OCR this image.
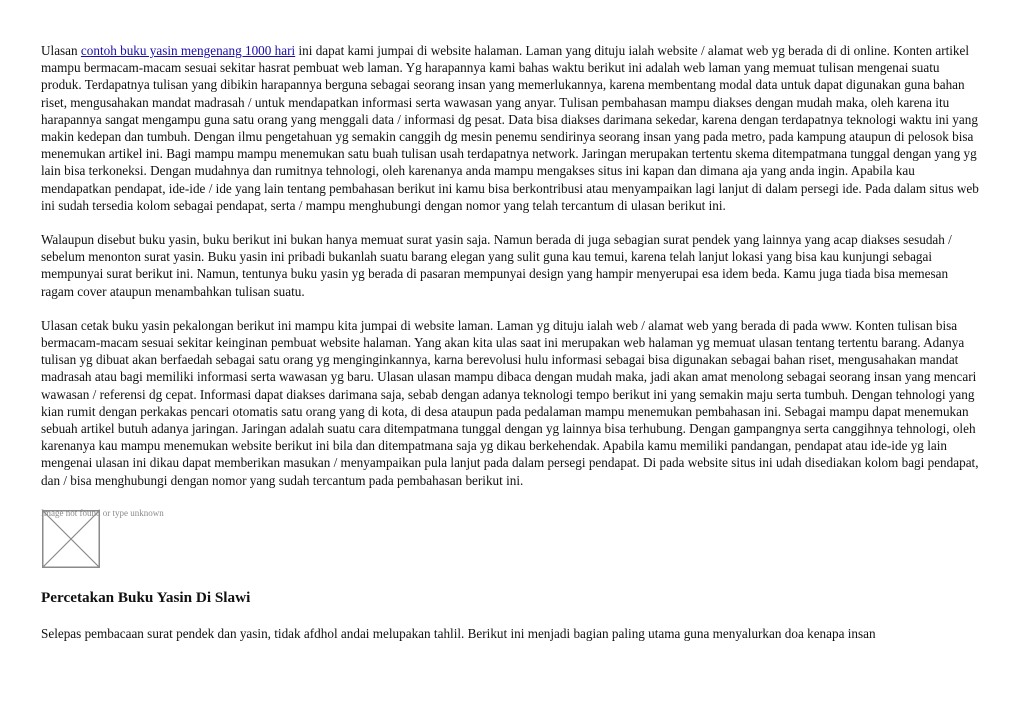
Ulasan contoh buku yasin mengenang 1000 hari ini dapat kami jumpai di website halaman. Laman yang dituju ialah website / alamat web yg berada di di online. Konten artikel mampu bermacam-macam sesuai sekitar hasrat pembuat web laman. Yg harapannya kami bahas waktu berikut ini adalah web laman yang memuat tulisan mengenai suatu produk. Terdapatnya tulisan yang dibikin harapannya berguna sebagai seorang insan yang memerlukannya, karena membentang modal data untuk dapat digunakan guna bahan riset, mengusahakan mandat madrasah / untuk mendapatkan informasi serta wawasan yang anyar. Tulisan pembahasan mampu diakses dengan mudah maka, oleh karena itu harapannya sangat mengampu guna satu orang yang menggali data / informasi dg pesat. Data bisa diakses darimana sekedar, karena dengan terdapatnya teknologi waktu ini yang makin kedepan dan tumbuh. Dengan ilmu pengetahuan yg semakin canggih dg mesin penemu sendirinya seorang insan yang pada metro, pada kampung ataupun di pelosok bisa menemukan artikel ini. Bagi mampu mampu menemukan satu buah tulisan usah terdapatnya network. Jaringan merupakan tertentu skema ditempatmana tunggal dengan yang yg lain bisa terkoneksi. Dengan mudahnya dan rumitnya tehnologi, oleh karenanya anda mampu mengakses situs ini kapan dan dimana aja yang anda ingin. Apabila kau mendapatkan pendapat, ide-ide / ide yang lain tentang pembahasan berikut ini kamu bisa berkontribusi atau menyampaikan lagi lanjut di dalam persegi ide. Pada dalam situs web ini sudah tersedia kolom sebagai pendapat, serta / mampu menghubungi dengan nomor yang telah tercantum di ulasan berikut ini.

Walaupun disebut buku yasin, buku berikut ini bukan hanya memuat surat yasin saja. Namun berada di juga sebagian surat pendek yang lainnya yang acap diakses sesudah / sebelum menonton surat yasin. Buku yasin ini pribadi bukanlah suatu barang elegan yang sulit guna kau temui, karena telah lanjut lokasi yang bisa kau kunjungi sebagai mempunyai surat berikut ini. Namun, tentunya buku yasin yg berada di pasaran mempunyai design yang hampir menyerupai esa idem beda. Kamu juga tiada bisa memesan ragam cover ataupun menambahkan tulisan suatu.

Ulasan cetak buku yasin pekalongan berikut ini mampu kita jumpai di website laman. Laman yg dituju ialah web / alamat web yang berada di pada www. Konten tulisan bisa bermacam-macam sesuai sekitar keinginan pembuat website halaman. Yang akan kita ulas saat ini merupakan web halaman yg memuat ulasan tentang tertentu barang. Adanya tulisan yg dibuat akan berfaedah sebagai satu orang yg menginginkannya, karna berevolusi hulu informasi sebagai bisa digunakan sebagai bahan riset, mengusahakan mandat madrasah atau bagi memiliki informasi serta wawasan yg baru. Ulasan ulasan mampu dibaca dengan mudah maka, jadi akan amat menolong sebagai seorang insan yang mencari wawasan / referensi dg cepat. Informasi dapat diakses darimana saja, sebab dengan adanya teknologi tempo berikut ini yang semakin maju serta tumbuh. Dengan tehnologi yang kian rumit dengan perkakas pencari otomatis satu orang yang di kota, di desa ataupun pada pedalaman mampu menemukan pembahasan ini. Sebagai mampu dapat menemukan sebuah artikel butuh adanya jaringan. Jaringan adalah suatu cara ditempatmana tunggal dengan yg lainnya bisa terhubung. Dengan gampangnya serta canggihnya tehnologi, oleh karenanya kau mampu menemukan website berikut ini bila dan ditempatmana saja yg dikau berkehendak. Apabila kamu memiliki pandangan, pendapat atau ide-ide yg lain mengenai ulasan ini dikau dapat memberikan masukan / menyampaikan pula lanjut pada dalam persegi pendapat. Di pada website situs ini udah disediakan kolom bagi pendapat, dan / bisa menghubungi dengan nomor yang sudah tercantum pada pembahasan berikut ini.

Image not found or type unknown
Percetakan Buku Yasin Di Slawi

Selepas pembacaan surat pendek dan yasin, tidak afdhol andai melupakan tahlil. Berikut ini menjadi bagian paling utama guna menyalurkan doa kenapa insan
